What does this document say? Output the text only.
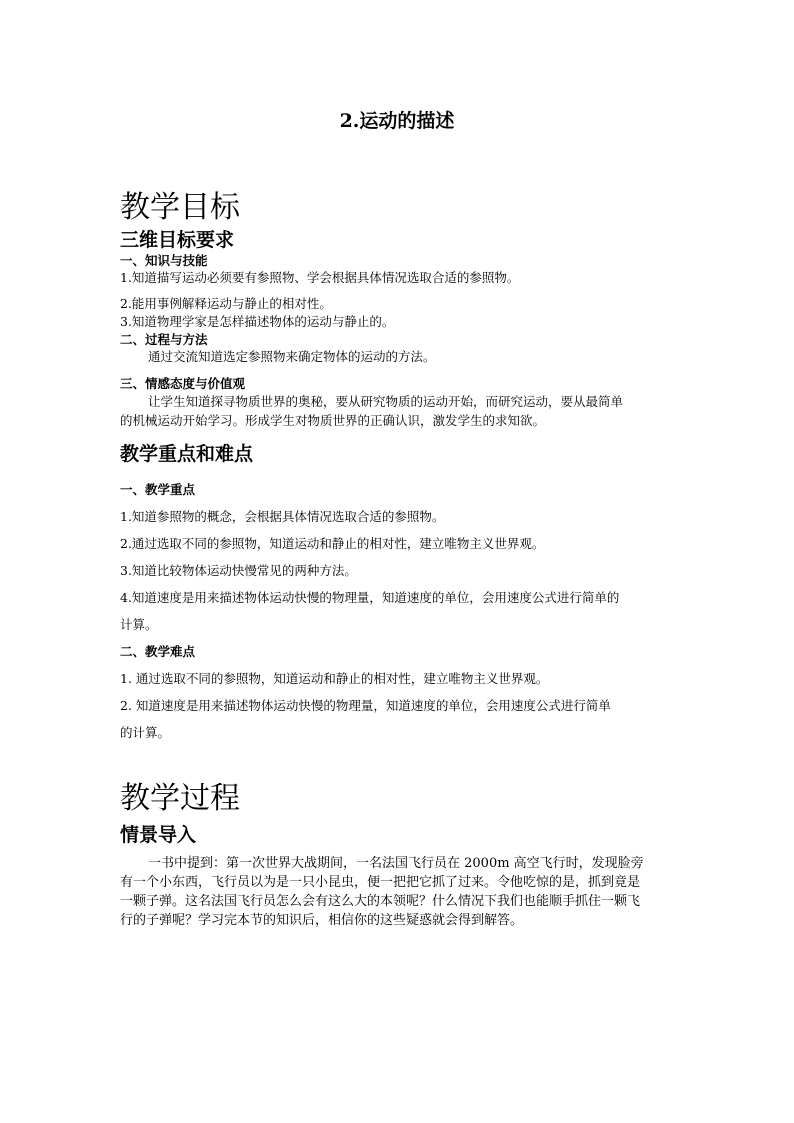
2.运动的描述
教学目标
三维目标要求
一、知识与技能
1.知道描写运动必须要有参照物、学会根据具体情况选取合适的参照物。
2.能用事例解释运动与静止的相对性。
3.知道物理学家是怎样描述物体的运动与静止的。
二、过程与方法
通过交流知道选定参照物来确定物体的运动的方法。
三、情感态度与价值观
让学生知道探寻物质世界的奥秘，要从研究物质的运动开始，而研究运动，要从最简单
的机械运动开始学习。形成学生对物质世界的正确认识，激发学生的求知欲。
教学重点和难点
一、教学重点
1.知道参照物的概念，会根据具体情况选取合适的参照物。
2.通过选取不同的参照物，知道运动和静止的相对性，建立唯物主义世界观。
3.知道比较物体运动快慢常见的两种方法。
4.知道速度是用来描述物体运动快慢的物理量，知道速度的单位，会用速度公式进行简单的
计算。
二、教学难点
1. 通过选取不同的参照物，知道运动和静止的相对性，建立唯物主义世界观。
2. 知道速度是用来描述物体运动快慢的物理量，知道速度的单位，会用速度公式进行简单
的计算。
教学过程
情景导入
一书中提到：第一次世界大战期间，一名法国飞行员在 2000m 高空飞行时，发现脸旁
有一个小东西，飞行员以为是一只小昆虫，便一把把它抓了过来。令他吃惊的是，抓到竟是
一颗子弹。这名法国飞行员怎么会有这么大的本领呢？什么情况下我们也能顺手抓住一颗飞
行的子弹呢？学习完本节的知识后，相信你的这些疑惑就会得到解答。
